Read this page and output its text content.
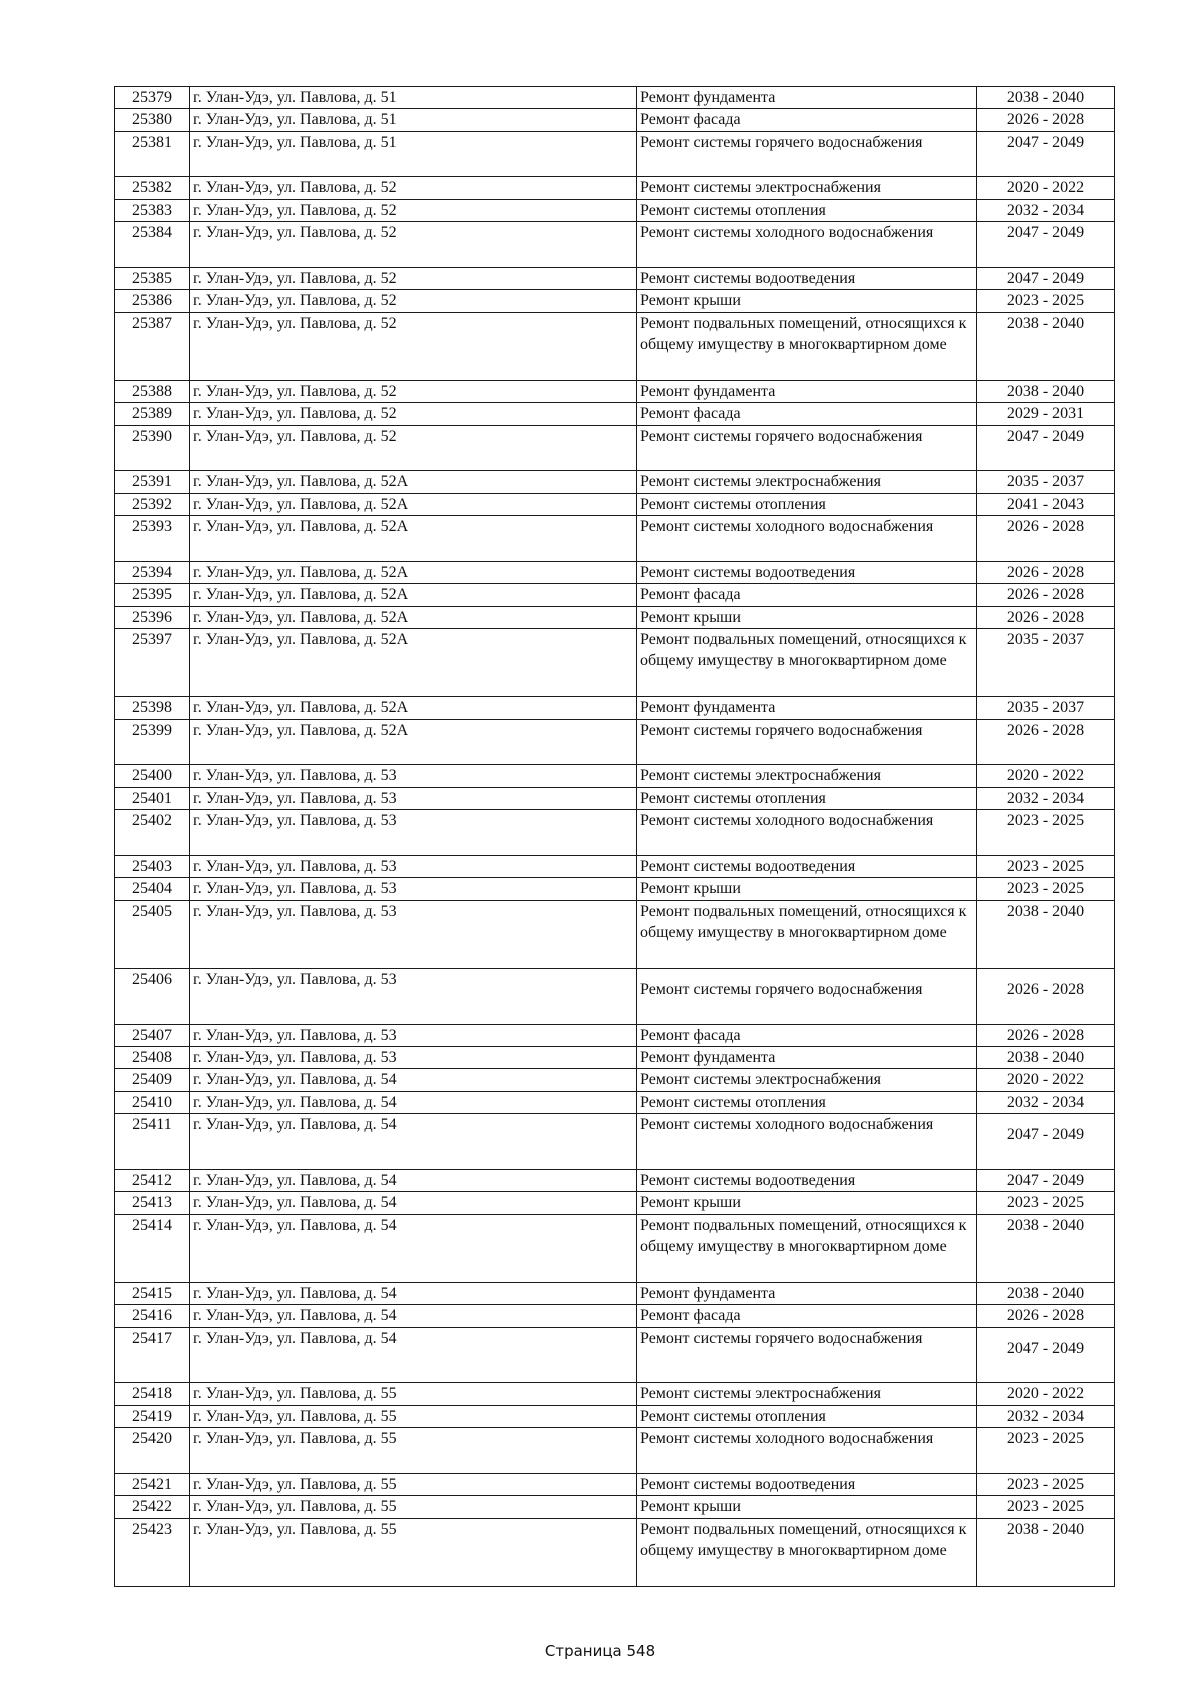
25379	г. Улан-Удэ, ул. Павлова, д. 51	Ремонт фундамента	2038 - 2040
25380	г. Улан-Удэ, ул. Павлова, д. 51	Ремонт фасада	2026 - 2028
25381	г. Улан-Удэ, ул. Павлова, д. 51	Ремонт системы горячего водоснабжения	2047 - 2049
25382	г. Улан-Удэ, ул. Павлова, д. 52	Ремонт системы электроснабжения	2020 - 2022
25383	г. Улан-Удэ, ул. Павлова, д. 52	Ремонт системы отопления	2032 - 2034
25384	г. Улан-Удэ, ул. Павлова, д. 52	Ремонт системы холодного водоснабжения	2047 - 2049
25385	г. Улан-Удэ, ул. Павлова, д. 52	Ремонт системы водоотведения	2047 - 2049
25386	г. Улан-Удэ, ул. Павлова, д. 52	Ремонт крыши	2023 - 2025
25387	г. Улан-Удэ, ул. Павлова, д. 52	Ремонт подвальных помещений, относящихся к общему имуществу в многоквартирном доме	2038 - 2040
25388	г. Улан-Удэ, ул. Павлова, д. 52	Ремонт фундамента	2038 - 2040
25389	г. Улан-Удэ, ул. Павлова, д. 52	Ремонт фасада	2029 - 2031
25390	г. Улан-Удэ, ул. Павлова, д. 52	Ремонт системы горячего водоснабжения	2047 - 2049
25391	г. Улан-Удэ, ул. Павлова, д. 52А	Ремонт системы электроснабжения	2035 - 2037
25392	г. Улан-Удэ, ул. Павлова, д. 52А	Ремонт системы отопления	2041 - 2043
25393	г. Улан-Удэ, ул. Павлова, д. 52А	Ремонт системы холодного водоснабжения	2026 - 2028
25394	г. Улан-Удэ, ул. Павлова, д. 52А	Ремонт системы водоотведения	2026 - 2028
25395	г. Улан-Удэ, ул. Павлова, д. 52А	Ремонт фасада	2026 - 2028
25396	г. Улан-Удэ, ул. Павлова, д. 52А	Ремонт крыши	2026 - 2028
25397	г. Улан-Удэ, ул. Павлова, д. 52А	Ремонт подвальных помещений, относящихся к общему имуществу в многоквартирном доме	2035 - 2037
25398	г. Улан-Удэ, ул. Павлова, д. 52А	Ремонт фундамента	2035 - 2037
25399	г. Улан-Удэ, ул. Павлова, д. 52А	Ремонт системы горячего водоснабжения	2026 - 2028
25400	г. Улан-Удэ, ул. Павлова, д. 53	Ремонт системы электроснабжения	2020 - 2022
25401	г. Улан-Удэ, ул. Павлова, д. 53	Ремонт системы отопления	2032 - 2034
25402	г. Улан-Удэ, ул. Павлова, д. 53	Ремонт системы холодного водоснабжения	2023 - 2025
25403	г. Улан-Удэ, ул. Павлова, д. 53	Ремонт системы водоотведения	2023 - 2025
25404	г. Улан-Удэ, ул. Павлова, д. 53	Ремонт крыши	2023 - 2025
25405	г. Улан-Удэ, ул. Павлова, д. 53	Ремонт подвальных помещений, относящихся к общему имуществу в многоквартирном доме	2038 - 2040
25406	г. Улан-Удэ, ул. Павлова, д. 53	Ремонт системы горячего водоснабжения	2026 - 2028
25407	г. Улан-Удэ, ул. Павлова, д. 53	Ремонт фасада	2026 - 2028
25408	г. Улан-Удэ, ул. Павлова, д. 53	Ремонт фундамента	2038 - 2040
25409	г. Улан-Удэ, ул. Павлова, д. 54	Ремонт системы электроснабжения	2020 - 2022
25410	г. Улан-Удэ, ул. Павлова, д. 54	Ремонт системы отопления	2032 - 2034
25411	г. Улан-Удэ, ул. Павлова, д. 54	Ремонт системы холодного водоснабжения	2047 - 2049
25412	г. Улан-Удэ, ул. Павлова, д. 54	Ремонт системы водоотведения	2047 - 2049
25413	г. Улан-Удэ, ул. Павлова, д. 54	Ремонт крыши	2023 - 2025
25414	г. Улан-Удэ, ул. Павлова, д. 54	Ремонт подвальных помещений, относящихся к общему имуществу в многоквартирном доме	2038 - 2040
25415	г. Улан-Удэ, ул. Павлова, д. 54	Ремонт фундамента	2038 - 2040
25416	г. Улан-Удэ, ул. Павлова, д. 54	Ремонт фасада	2026 - 2028
25417	г. Улан-Удэ, ул. Павлова, д. 54	Ремонт системы горячего водоснабжения	2047 - 2049
25418	г. Улан-Удэ, ул. Павлова, д. 55	Ремонт системы электроснабжения	2020 - 2022
25419	г. Улан-Удэ, ул. Павлова, д. 55	Ремонт системы отопления	2032 - 2034
25420	г. Улан-Удэ, ул. Павлова, д. 55	Ремонт системы холодного водоснабжения	2023 - 2025
25421	г. Улан-Удэ, ул. Павлова, д. 55	Ремонт системы водоотведения	2023 - 2025
25422	г. Улан-Удэ, ул. Павлова, д. 55	Ремонт крыши	2023 - 2025
25423	г. Улан-Удэ, ул. Павлова, д. 55	Ремонт подвальных помещений, относящихся к общему имуществу в многоквартирном доме	2038 - 2040
Страница 548
